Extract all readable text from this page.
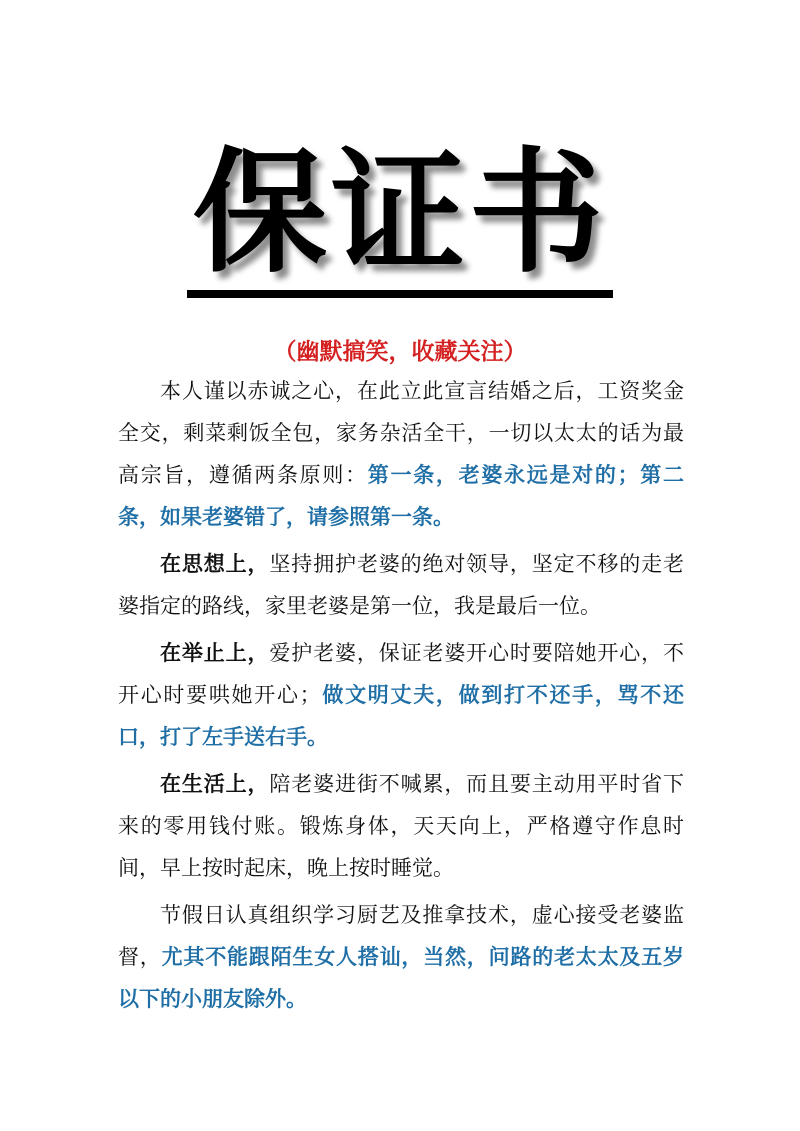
保证书
（幽默搞笑，收藏关注）

本人谨以赤诚之心，在此立此宣言结婚之后，工资奖金全交，剩菜剩饭全包，家务杂活全干，一切以太太的话为最高宗旨，遵循两条原则：第一条，老婆永远是对的；第二条，如果老婆错了，请参照第一条。

在思想上，坚持拥护老婆的绝对领导，坚定不移的走老婆指定的路线，家里老婆是第一位，我是最后一位。

在举止上，爱护老婆，保证老婆开心时要陪她开心，不开心时要哄她开心；做文明丈夫，做到打不还手，骂不还口，打了左手送右手。

在生活上，陪老婆进街不喊累，而且要主动用平时省下来的零用钱付账。锻炼身体，天天向上，严格遵守作息时间，早上按时起床，晚上按时睡觉。

节假日认真组织学习厨艺及推拿技术，虚心接受老婆监督，尤其不能跟陌生女人搭讪，当然，问路的老太太及五岁以下的小朋友除外。
